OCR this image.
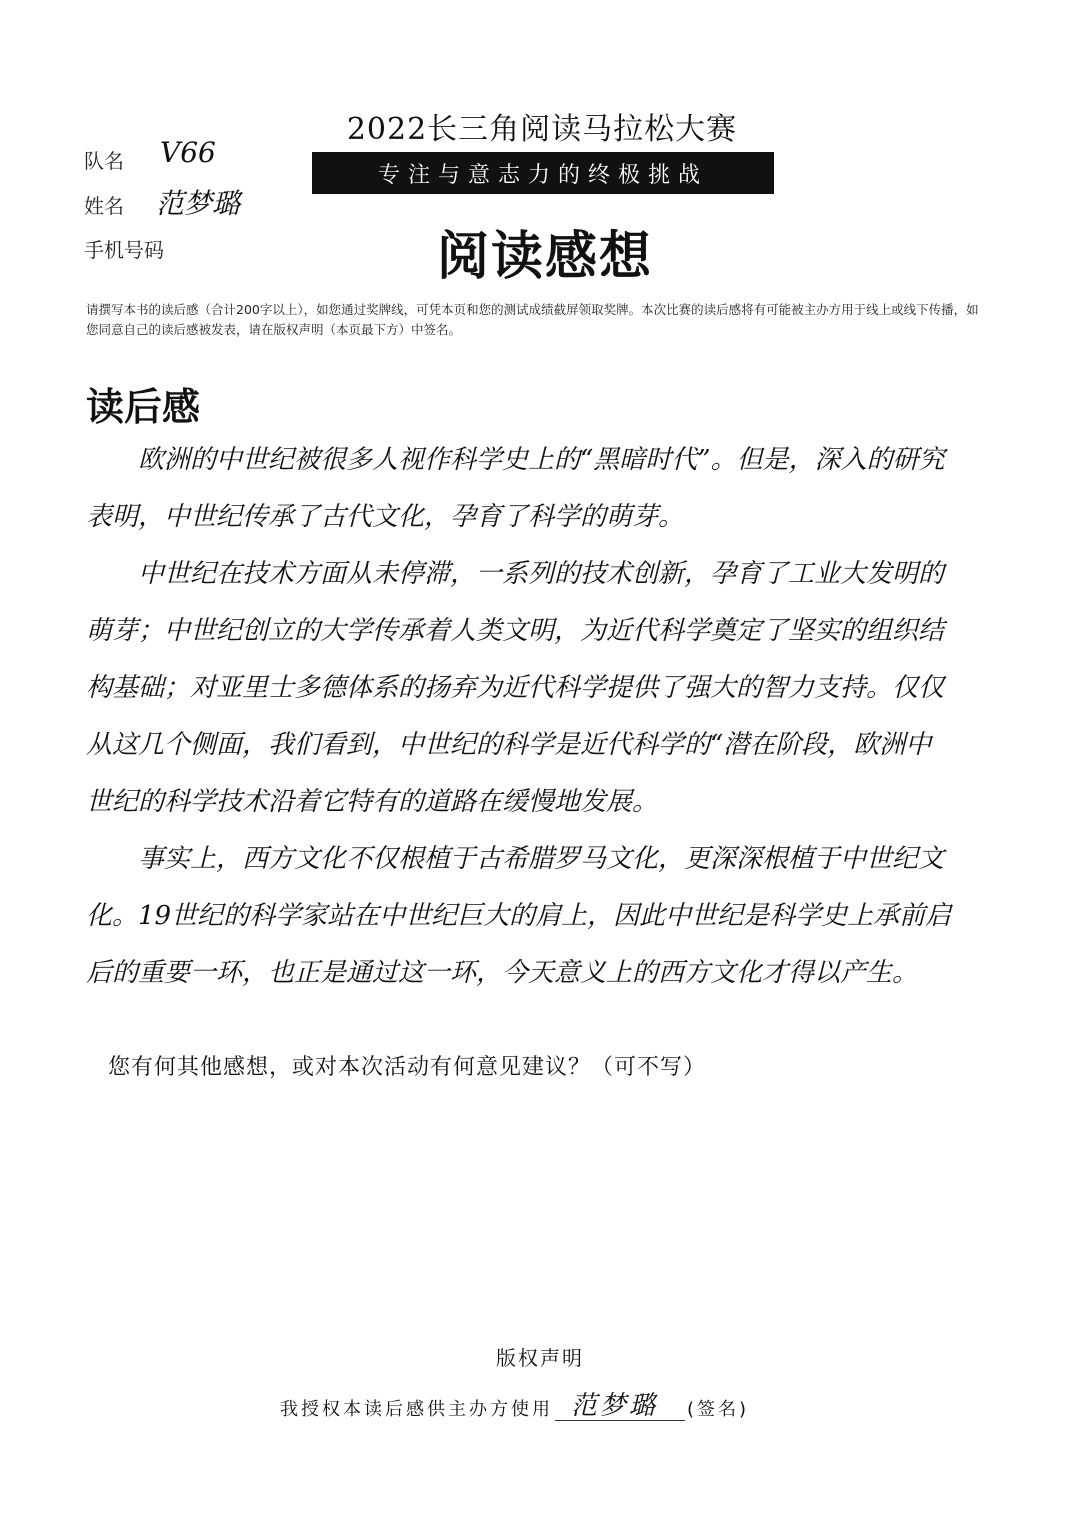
队名 V66
姓名 范梦璐
手机号码
2022长三角阅读马拉松大赛
专注与意志力的终极挑战
阅读感想
请撰写本书的读后感（合计200字以上），如您通过奖牌线，可凭本页和您的测试成绩截屏领取奖牌。本次比赛的读后感将有可能被主办方用于线上或线下传播，如您同意自己的读后感被发表，请在版权声明（本页最下方）中签名。
读后感

欧洲的中世纪被很多人视作科学史上的“黑暗时代”。但是，深入的研究表明，中世纪传承了古代文化，孕育了科学的萌芽。

中世纪在技术方面从未停滞，一系列的技术创新，孕育了工业大发明的萌芽；中世纪创立的大学传承着人类文明，为近代科学奠定了坚实的组织结构基础；对亚里士多德体系的扬弃为近代科学提供了强大的智力支持。仅仅从这几个侧面，我们看到，中世纪的科学是近代科学的“潜在阶段，欧洲中世纪的科学技术沿着它特有的道路在缓慢地发展。

事实上，西方文化不仅根植于古希腊罗马文化，更深深根植于中世纪文化。19世纪的科学家站在中世纪巨大的肩上，因此中世纪是科学史上承前启后的重要一环，也正是通过这一环，今天意义上的西方文化才得以产生。

您有何其他感想，或对本次活动有何意见建议？（可不写）
版权声明
我授权本读后感供主办方使用 范梦璐 (签名)
